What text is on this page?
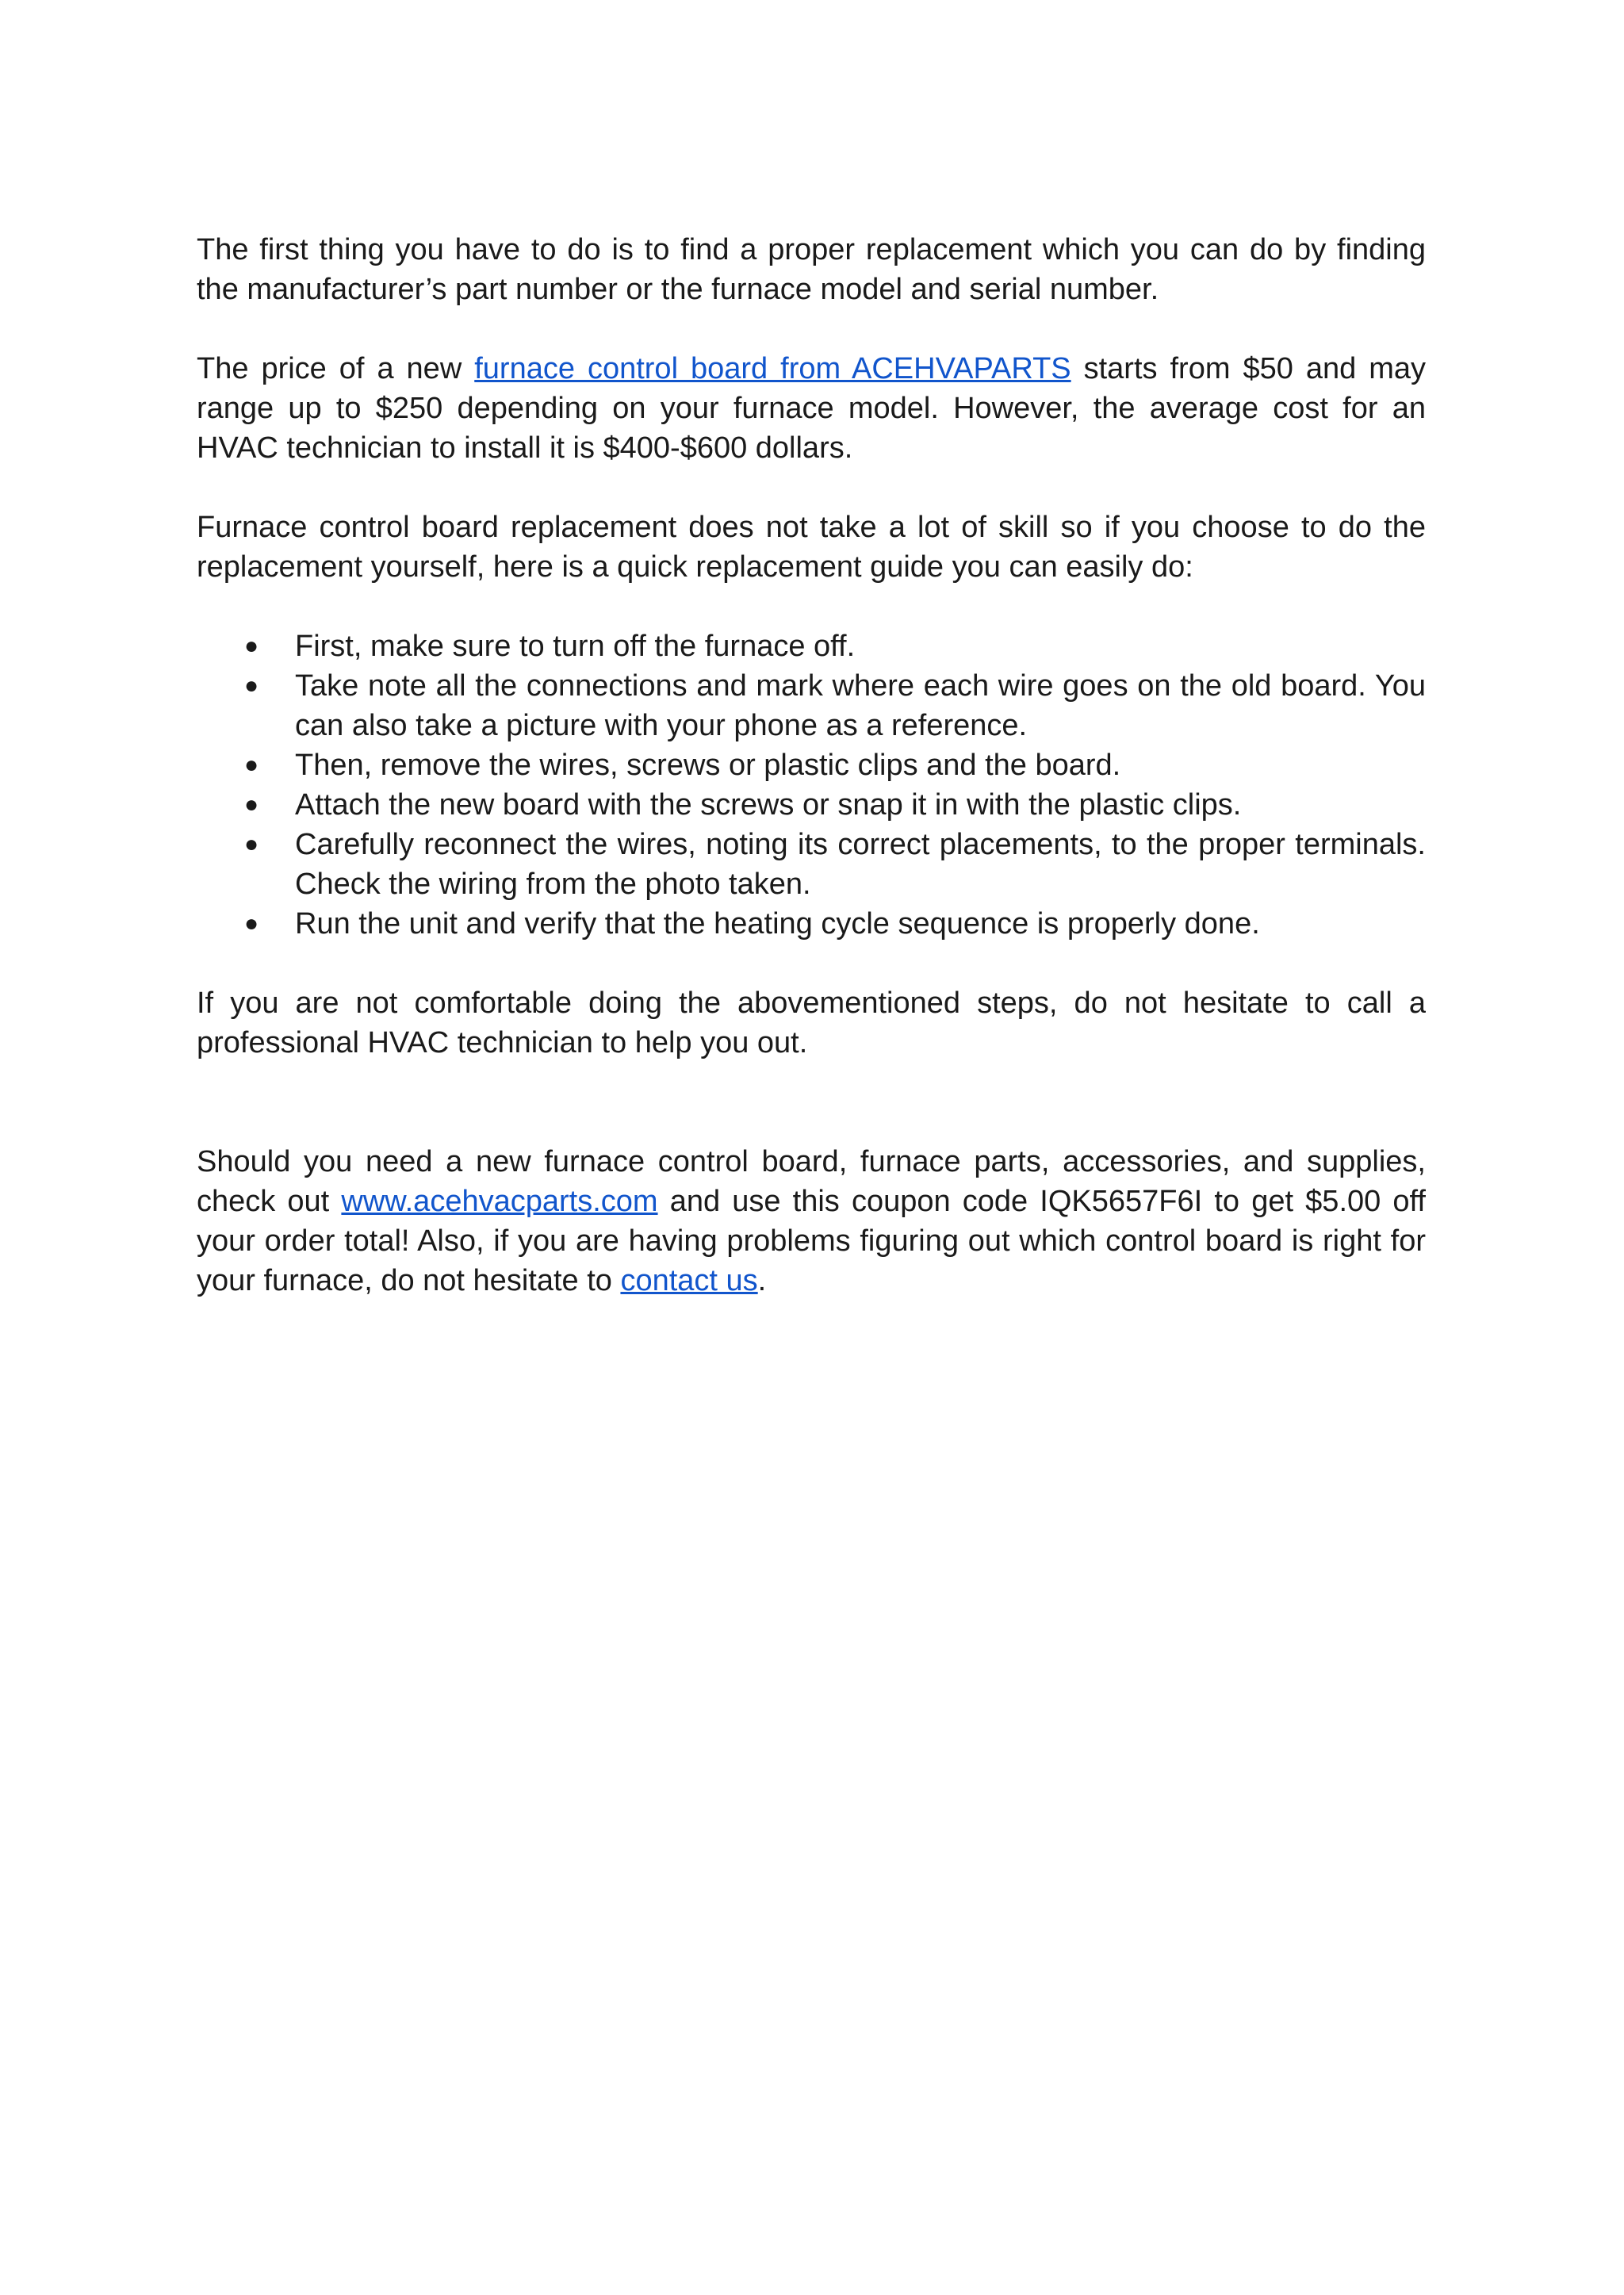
The first thing you have to do is to find a proper replacement which you can do by finding the manufacturer’s part number or the furnace model and serial number.

The price of a new furnace control board from ACEHVAPARTS starts from $50 and may range up to $250 depending on your furnace model. However, the average cost for an HVAC technician to install it is $400-$600 dollars.

Furnace control board replacement does not take a lot of skill so if you choose to do the replacement yourself, here is a quick replacement guide you can easily do:

● First, make sure to turn off the furnace off.
● Take note all the connections and mark where each wire goes on the old board. You can also take a picture with your phone as a reference.
● Then, remove the wires, screws or plastic clips and the board.
● Attach the new board with the screws or snap it in with the plastic clips.
● Carefully reconnect the wires, noting its correct placements, to the proper terminals. Check the wiring from the photo taken.
● Run the unit and verify that the heating cycle sequence is properly done.

If you are not comfortable doing the abovementioned steps, do not hesitate to call a professional HVAC technician to help you out.

Should you need a new furnace control board, furnace parts, accessories, and supplies, check out www.acehvacparts.com and use this coupon code IQK5657F6I to get $5.00 off your order total! Also, if you are having problems figuring out which control board is right for your furnace, do not hesitate to contact us.
